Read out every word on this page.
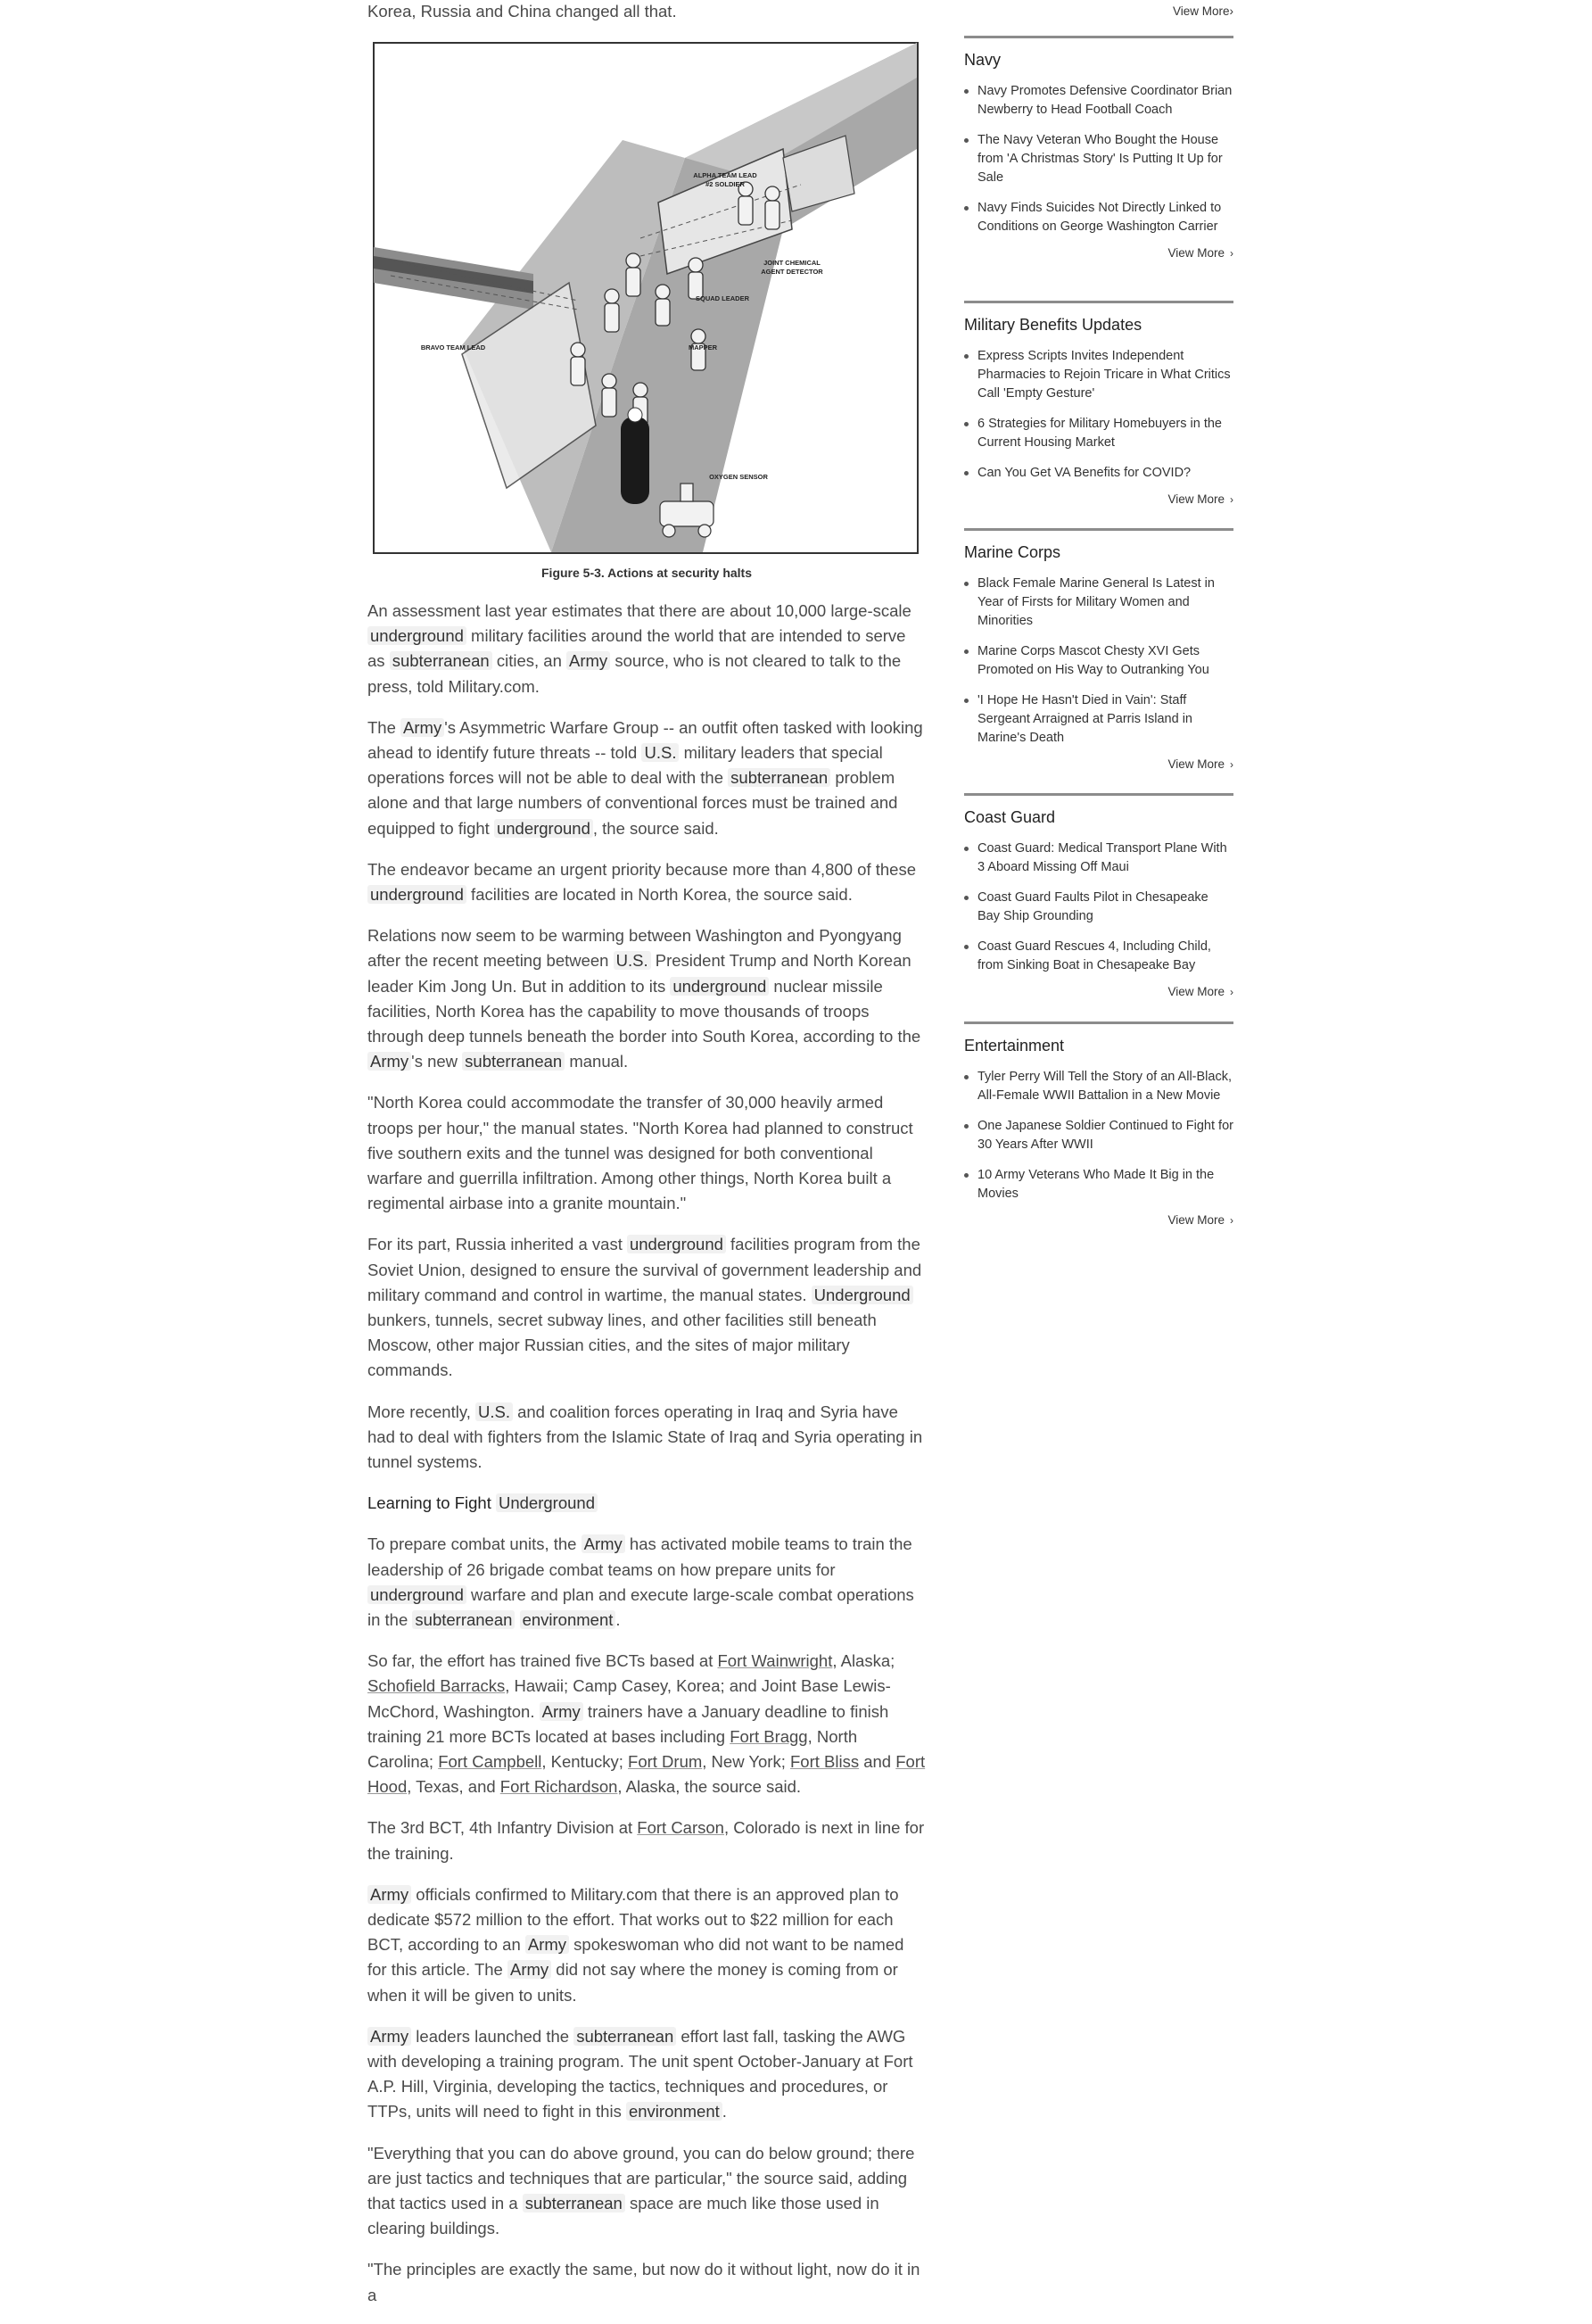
Korea, Russia and China changed all that.
ALPHA TEAM LEAD
#2 SOLDIER
JOINT CHEMICAL
AGENT DETECTOR
SQUAD LEADER
MAPPER
BRAVO TEAM LEAD
OXYGEN SENSOR
Figure 5-3. Actions at security halts

An assessment last year estimates that there are about 10,000 large-scale underground military facilities around the world that are intended to serve as subterranean cities, an Army source, who is not cleared to talk to the press, told Military.com.

The Army 's Asymmetric Warfare Group -- an outfit often tasked with looking ahead to identify future threats -- told U.S. military leaders that special operations forces will not be able to deal with the subterranean problem alone and that large numbers of conventional forces must be trained and equipped to fight underground , the source said.

The endeavor became an urgent priority because more than 4,800 of these underground facilities are located in North Korea, the source said.

Relations now seem to be warming between Washington and Pyongyang after the recent meeting between U.S. President Trump and North Korean leader Kim Jong Un. But in addition to its underground nuclear missile facilities, North Korea has the capability to move thousands of troops through deep tunnels beneath the border into South Korea, according to the Army 's new subterranean manual.

"North Korea could accommodate the transfer of 30,000 heavily armed troops per hour," the manual states. "North Korea had planned to construct five southern exits and the tunnel was designed for both conventional warfare and guerrilla infiltration. Among other things, North Korea built a regimental airbase into a granite mountain."

For its part, Russia inherited a vast underground facilities program from the Soviet Union, designed to ensure the survival of government leadership and military command and control in wartime, the manual states. Underground bunkers, tunnels, secret subway lines, and other facilities still beneath Moscow, other major Russian cities, and the sites of major military commands.

More recently, U.S. and coalition forces operating in Iraq and Syria have had to deal with fighters from the Islamic State of Iraq and Syria operating in tunnel systems.

Learning to Fight Underground

To prepare combat units, the Army has activated mobile teams to train the leadership of 26 brigade combat teams on how prepare units for underground warfare and plan and execute large-scale combat operations in the subterranean environment .

So far, the effort has trained five BCTs based at Fort Wainwright, Alaska; Schofield Barracks, Hawaii; Camp Casey, Korea; and Joint Base Lewis-McChord, Washington. Army trainers have a January deadline to finish training 21 more BCTs located at bases including Fort Bragg, North Carolina; Fort Campbell, Kentucky; Fort Drum, New York; Fort Bliss and Fort Hood, Texas, and Fort Richardson, Alaska, the source said.

The 3rd BCT, 4th Infantry Division at Fort Carson, Colorado is next in line for the training.

Army officials confirmed to Military.com that there is an approved plan to dedicate $572 million to the effort. That works out to $22 million for each BCT, according to an Army spokeswoman who did not want to be named for this article. The Army did not say where the money is coming from or when it will be given to units.

Army leaders launched the subterranean effort last fall, tasking the AWG with developing a training program. The unit spent October-January at Fort A.P. Hill, Virginia, developing the tactics, techniques and procedures, or TTPs, units will need to fight in this environment .

"Everything that you can do above ground, you can do below ground; there are just tactics and techniques that are particular," the source said, adding that tactics used in a subterranean space are much like those used in clearing buildings.

"The principles are exactly the same, but now do it without light, now do it in a

View More›
Navy
Navy Promotes Defensive Coordinator Brian Newberry to Head Football Coach
The Navy Veteran Who Bought the House from 'A Christmas Story' Is Putting It Up for Sale
Navy Finds Suicides Not Directly Linked to Conditions on George Washington Carrier
View More ›
Military Benefits Updates
Express Scripts Invites Independent Pharmacies to Rejoin Tricare in What Critics Call 'Empty Gesture'
6 Strategies for Military Homebuyers in the Current Housing Market
Can You Get VA Benefits for COVID?
View More ›
Marine Corps
Black Female Marine General Is Latest in Year of Firsts for Military Women and Minorities
Marine Corps Mascot Chesty XVI Gets Promoted on His Way to Outranking You
'I Hope He Hasn't Died in Vain': Staff Sergeant Arraigned at Parris Island in Marine's Death
View More ›
Coast Guard
Coast Guard: Medical Transport Plane With 3 Aboard Missing Off Maui
Coast Guard Faults Pilot in Chesapeake Bay Ship Grounding
Coast Guard Rescues 4, Including Child, from Sinking Boat in Chesapeake Bay
View More ›
Entertainment
Tyler Perry Will Tell the Story of an All-Black, All-Female WWII Battalion in a New Movie
One Japanese Soldier Continued to Fight for 30 Years After WWII
10 Army Veterans Who Made It Big in the Movies
View More ›
